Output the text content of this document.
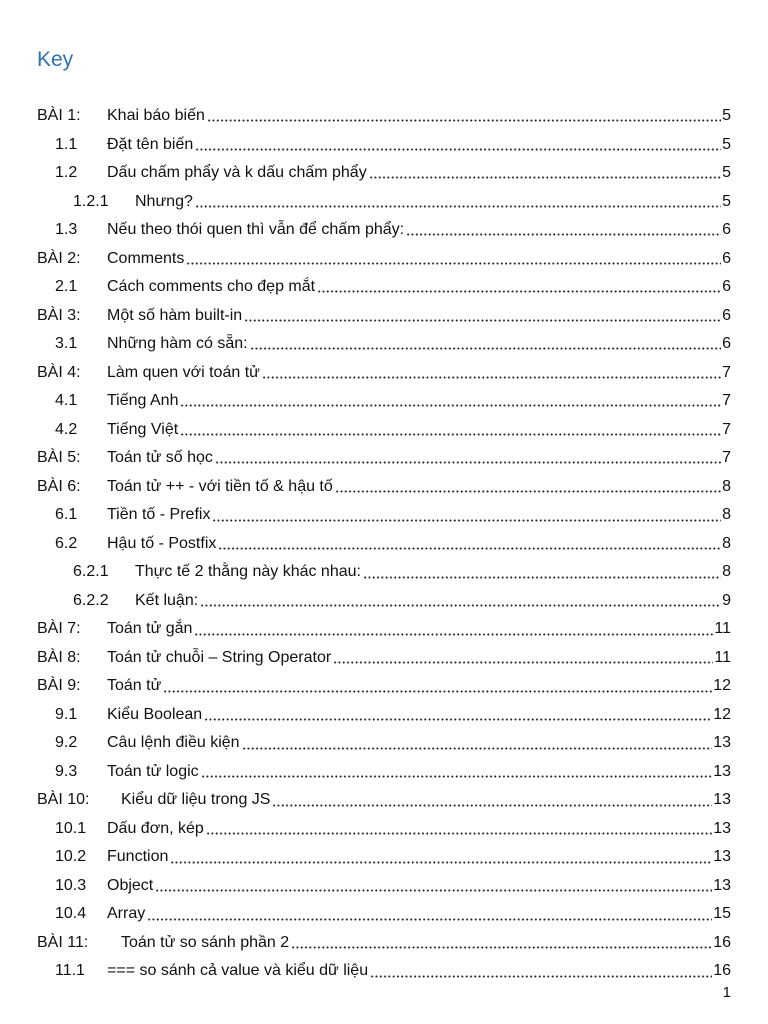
Key
BÀI 1: Khai báo biến	5
1.1 Đặt tên biến	5
1.2 Dấu chấm phẩy và k dấu chấm phẩy	5
1.2.1 Nhưng?	5
1.3 Nếu theo thói quen thì vẫn để chấm phẩy:	6
BÀI 2: Comments	6
2.1 Cách comments cho đẹp mắt	6
BÀI 3: Một số hàm built-in	6
3.1 Những hàm có sẵn:	6
BÀI 4: Làm quen với toán tử	7
4.1 Tiếng Anh	7
4.2 Tiếng Việt	7
BÀI 5: Toán tử số học	7
BÀI 6: Toán tử ++ - với tiền tố & hậu tố	8
6.1 Tiền tố - Prefix	8
6.2 Hậu tố - Postfix	8
6.2.1 Thực tế 2 thằng này khác nhau:	8
6.2.2 Kết luận:	9
BÀI 7: Toán tử gắn	11
BÀI 8: Toán tử chuỗi – String Operator	11
BÀI 9: Toán tử	12
9.1 Kiểu Boolean	12
9.2 Câu lệnh điều kiện	13
9.3 Toán tử logic	13
BÀI 10: Kiểu dữ liệu trong JS	13
10.1 Dấu đơn, kép	13
10.2 Function	13
10.3 Object	13
10.4 Array	15
BÀI 11: Toán tử so sánh phần 2	16
11.1 === so sánh cả value và kiểu dữ liệu	16
1
